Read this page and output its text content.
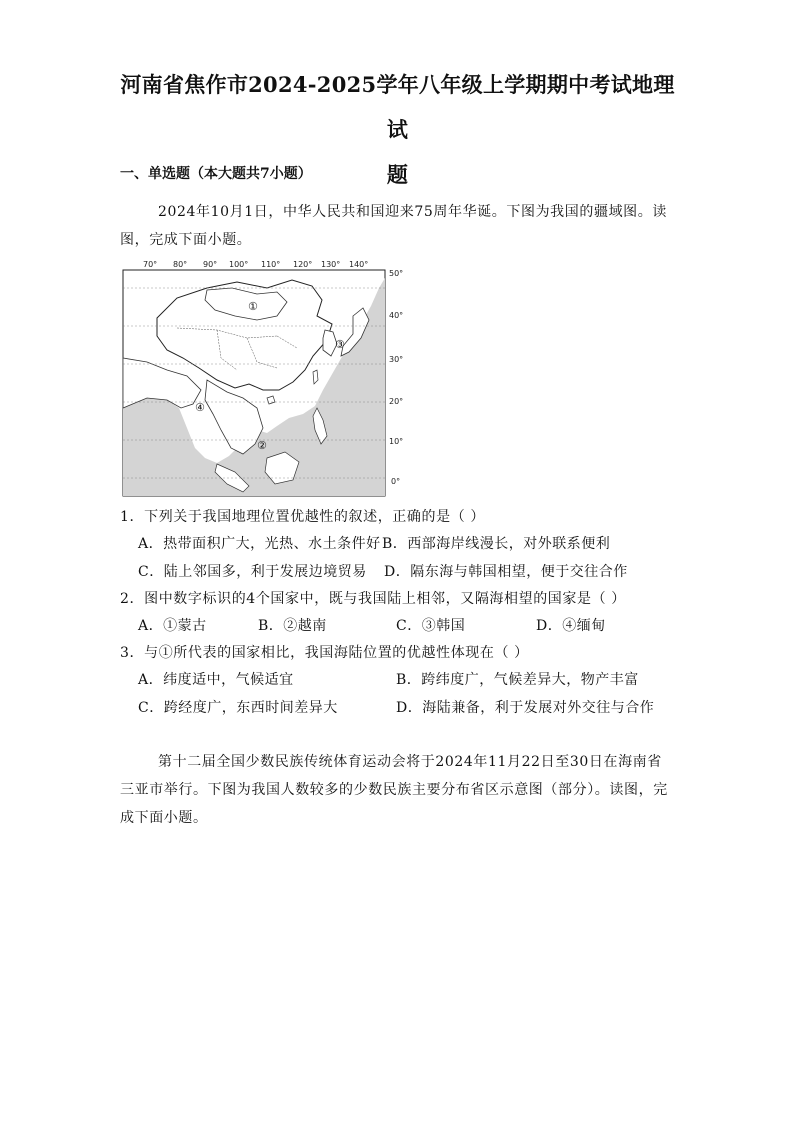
河南省焦作市2024-2025学年八年级上学期期中考试地理试
题
一、单选题（本大题共7小题）
2024年10月1日，中华人民共和国迎来75周年华诞。下图为我国的疆域图。读图，完成下面小题。
70° 80° 90° 100° 110° 120° 130° 140°
50°
40°
30°
20°
10°
0°
①
②
③
④
1．下列关于我国地理位置优越性的叙述，正确的是（ ）
A．热带面积广大，光热、水土条件好 B．西部海岸线漫长，对外联系便利
C．陆上邻国多，利于发展边境贸易 D．隔东海与韩国相望，便于交往合作
2．图中数字标识的4个国家中，既与我国陆上相邻，又隔海相望的国家是（ ）
A．①蒙古	B．②越南	C．③韩国	D．④缅甸
3．与①所代表的国家相比，我国海陆位置的优越性体现在（ ）
A．纬度适中，气候适宜	B．跨纬度广，气候差异大，物产丰富
C．跨经度广，东西时间差异大	D．海陆兼备，利于发展对外交往与合作
第十二届全国少数民族传统体育运动会将于2024年11月22日至30日在海南省三亚市举行。下图为我国人数较多的少数民族主要分布省区示意图（部分）。读图，完成下面小题。
